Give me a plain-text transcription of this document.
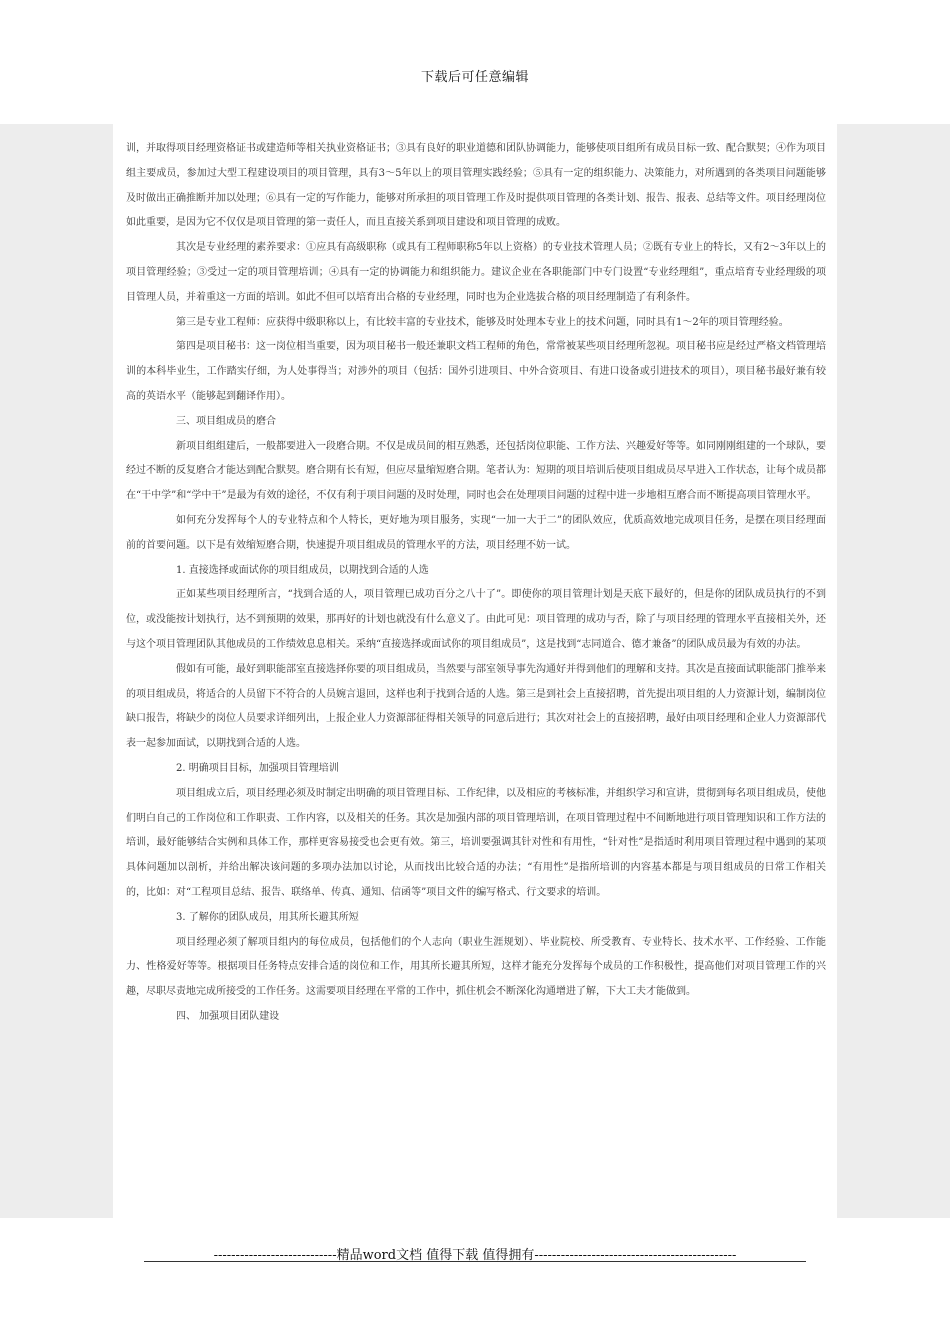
下载后可任意编辑

训，并取得项目经理资格证书或建造师等相关执业资格证书；③具有良好的职业道德和团队协调能力，能够使项目组所有成员目标一致、配合默契；④作为项目组主要成员，参加过大型工程建设项目的项目管理，具有3～5年以上的项目管理实践经验；⑤具有一定的组织能力、决策能力，对所遇到的各类项目问题能够及时做出正确推断并加以处理；⑥具有一定的写作能力，能够对所承担的项目管理工作及时提供项目管理的各类计划、报告、报表、总结等文件。项目经理岗位如此重要，是因为它不仅仅是项目管理的第一责任人，而且直接关系到项目建设和项目管理的成败。

其次是专业经理的素养要求：①应具有高级职称（或具有工程师职称5年以上资格）的专业技术管理人员；②既有专业上的特长，又有2～3年以上的项目管理经验；③受过一定的项目管理培训；④具有一定的协调能力和组织能力。建议企业在各职能部门中专门设置“专业经理组”，重点培育专业经理级的项目管理人员，并着重这一方面的培训。如此不但可以培育出合格的专业经理，同时也为企业选拔合格的项目经理制造了有利条件。

第三是专业工程师：应获得中级职称以上，有比较丰富的专业技术，能够及时处理本专业上的技术问题，同时具有1～2年的项目管理经验。

第四是项目秘书：这一岗位相当重要，因为项目秘书一般还兼职文档工程师的角色，常常被某些项目经理所忽视。项目秘书应是经过严格文档管理培训的本科毕业生，工作踏实仔细，为人处事得当；对涉外的项目（包括：国外引进项目、中外合资项目、有进口设备或引进技术的项目），项目秘书最好兼有较高的英语水平（能够起到翻译作用）。

三、项目组成员的磨合

新项目组组建后，一般都要进入一段磨合期。不仅是成员间的相互熟悉，还包括岗位职能、工作方法、兴趣爱好等等。如同刚刚组建的一个球队，要经过不断的反复磨合才能达到配合默契。磨合期有长有短，但应尽量缩短磨合期。笔者认为：短期的项目培训后使项目组成员尽早进入工作状态，让每个成员都在“干中学”和“学中干”是最为有效的途径，不仅有利于项目问题的及时处理，同时也会在处理项目问题的过程中进一步地相互磨合而不断提高项目管理水平。

如何充分发挥每个人的专业特点和个人特长，更好地为项目服务，实现“一加一大于二”的团队效应，优质高效地完成项目任务，是摆在项目经理面前的首要问题。以下是有效缩短磨合期，快速提升项目组成员的管理水平的方法，项目经理不妨一试。

1. 直接选择或面试你的项目组成员，以期找到合适的人选

正如某些项目经理所言，“找到合适的人，项目管理已成功百分之八十了”。即使你的项目管理计划是天底下最好的，但是你的团队成员执行的不到位，或没能按计划执行，达不到预期的效果，那再好的计划也就没有什么意义了。由此可见：项目管理的成功与否，除了与项目经理的管理水平直接相关外，还与这个项目管理团队其他成员的工作绩效息息相关。采纳“直接选择或面试你的项目组成员”，这是找到“志同道合、德才兼备”的团队成员最为有效的办法。

假如有可能，最好到职能部室直接选择你要的项目组成员，当然要与部室领导事先沟通好并得到他们的理解和支持。其次是直接面试职能部门推举来的项目组成员，将适合的人员留下不符合的人员婉言退回，这样也利于找到合适的人选。第三是到社会上直接招聘，首先提出项目组的人力资源计划，编制岗位缺口报告，将缺少的岗位人员要求详细列出，上报企业人力资源部征得相关领导的同意后进行；其次对社会上的直接招聘，最好由项目经理和企业人力资源部代表一起参加面试，以期找到合适的人选。

2. 明确项目目标，加强项目管理培训

项目组成立后，项目经理必须及时制定出明确的项目管理目标、工作纪律，以及相应的考核标准，并组织学习和宣讲，贯彻到每名项目组成员，使他们明白自己的工作岗位和工作职责、工作内容，以及相关的任务。其次是加强内部的项目管理培训，在项目管理过程中不间断地进行项目管理知识和工作方法的培训，最好能够结合实例和具体工作，那样更容易接受也会更有效。第三，培训要强调其针对性和有用性，“针对性”是指适时利用项目管理过程中遇到的某项具体问题加以剖析，并给出解决该问题的多项办法加以讨论，从而找出比较合适的办法；“有用性”是指所培训的内容基本都是与项目组成员的日常工作相关的，比如：对“工程项目总结、报告、联络单、传真、通知、信函等”项目文件的编写格式、行文要求的培训。

3. 了解你的团队成员，用其所长避其所短

项目经理必须了解项目组内的每位成员，包括他们的个人志向（职业生涯规划）、毕业院校、所受教育、专业特长、技术水平、工作经验、工作能力、性格爱好等等。根据项目任务特点安排合适的岗位和工作，用其所长避其所短，这样才能充分发挥每个成员的工作积极性，提高他们对项目管理工作的兴趣，尽职尽责地完成所接受的工作任务。这需要项目经理在平常的工作中，抓住机会不断深化沟通增进了解，下大工夫才能做到。

四、 加强项目团队建设

----------------------------精品word文档 值得下载 值得拥有----------------------------------------------
